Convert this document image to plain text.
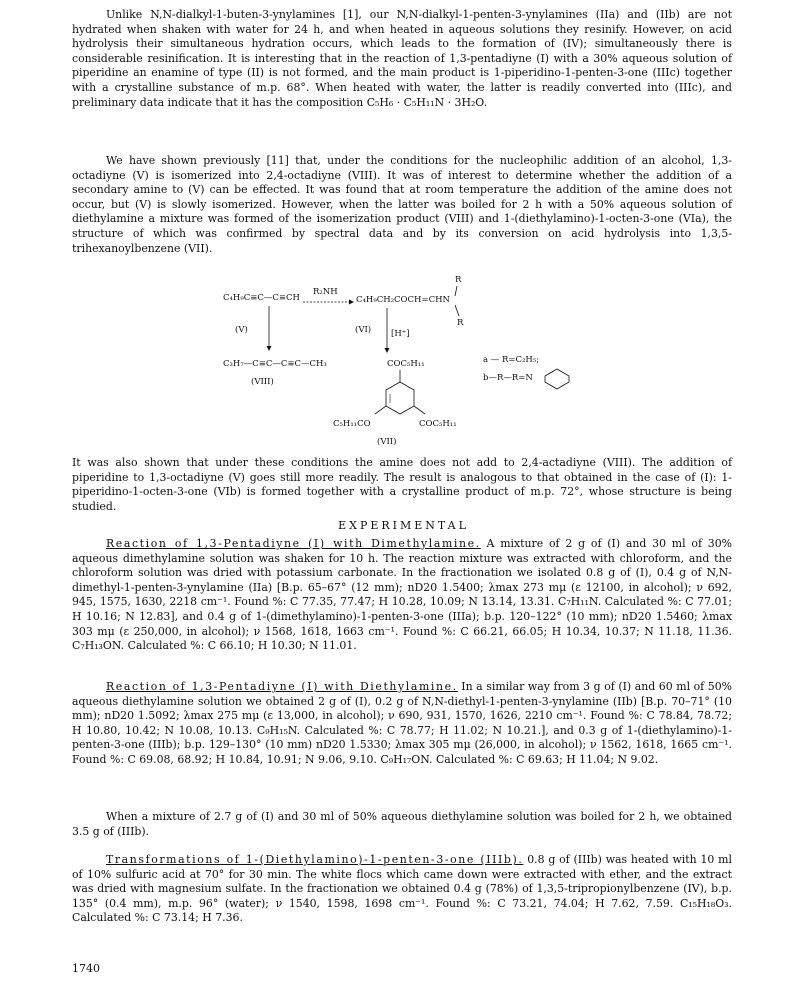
Unlike N,N-dialkyl-1-buten-3-ynylamines [1], our N,N-dialkyl-1-penten-3-ynylamines (IIa) and (IIb) are not hydrated when shaken with water for 24 h, and when heated in aqueous solutions they resinify. However, on acid hydrolysis their simultaneous hydration occurs, which leads to the formation of (IV); simultaneously there is considerable resinification. It is interesting that in the reaction of 1,3-pentadiyne (I) with a 30% aqueous solution of piperidine an enamine of type (II) is not formed, and the main product is 1-piperidino-1-penten-3-one (IIIc) together with a crystalline substance of m.p. 68°. When heated with water, the latter is readily converted into (IIIc), and preliminary data indicate that it has the composition C₅H₆ · C₅H₁₁N · 3H₂O.

We have shown previously [11] that, under the conditions for the nucleophilic addition of an alcohol, 1,3-octadiyne (V) is isomerized into 2,4-octadiyne (VIII). It was of interest to determine whether the addition of a secondary amine to (V) can be effected. It was found that at room temperature the addition of the amine does not occur, but (V) is slowly isomerized. However, when the latter was boiled for 2 h with a 50% aqueous solution of diethylamine a mixture was formed of the isomerization product (VIII) and 1-(diethylamino)-1-octen-3-one (VIa), the structure of which was confirmed by spectral data and by its conversion on acid hydrolysis into 1,3,5-trihexanoylbenzene (VII).

C₄H₉C≡C—C≡CH
R₂NH
C₄H₉CH₂COCH=CHN
R
R
(V)	(VI) [H⁺]
C₃H₇—C≡C—C≡C—CH₃
(VIII)
COC₅H₁₁
C₅H₁₁CO	COC₅H₁₁
(VII)
a — R=C₂H₅;
b—R—R=N

It was also shown that under these conditions the amine does not add to 2,4-actadiyne (VIII). The addition of piperidine to 1,3-octadiyne (V) goes still more readily. The result is analogous to that obtained in the case of (I): 1-piperidino-1-octen-3-one (VIb) is formed together with a crystalline product of m.p. 72°, whose structure is being studied.

EXPERIMENTAL

Reaction of 1,3-Pentadiyne (I) with Dimethylamine. A mixture of 2 g of (I) and 30 ml of 30% aqueous dimethylamine solution was shaken for 10 h. The reaction mixture was extracted with chloroform, and the chloroform solution was dried with potassium carbonate. In the fractionation we isolated 0.8 g of (I), 0.4 g of N,N-dimethyl-1-penten-3-ynylamine (IIa) [B.p. 65–67° (12 mm); nD20 1.5400; λmax 273 mμ (ε 12100, in alcohol); ν 692, 945, 1575, 1630, 2218 cm⁻¹. Found %: C 77.35, 77.47; H 10.28, 10.09; N 13.14, 13.31. C₇H₁₁N. Calculated %: C 77.01; H 10.16; N 12.83], and 0.4 g of 1-(dimethylamino)-1-penten-3-one (IIIa); b.p. 120–122° (10 mm); nD20 1.5460; λmax 303 mμ (ε 250,000, in alcohol); ν 1568, 1618, 1663 cm⁻¹. Found %: C 66.21, 66.05; H 10.34, 10.37; N 11.18, 11.36. C₇H₁₃ON. Calculated %: C 66.10; H 10.30; N 11.01.

Reaction of 1,3-Pentadiyne (I) with Diethylamine. In a similar way from 3 g of (I) and 60 ml of 50% aqueous diethylamine solution we obtained 2 g of (I), 0.2 g of N,N-diethyl-1-penten-3-ynylamine (IIb) [B.p. 70–71° (10 mm); nD20 1.5092; λmax 275 mμ (ε 13,000, in alcohol); ν 690, 931, 1570, 1626, 2210 cm⁻¹. Found %: C 78.84, 78.72; H 10.80, 10.42; N 10.08, 10.13. C₉H₁₅N. Calculated %: C 78.77; H 11.02; N 10.21.], and 0.3 g of 1-(diethylamino)-1-penten-3-one (IIIb); b.p. 129–130° (10 mm) nD20 1.5330; λmax 305 mμ (26,000, in alcohol); ν 1562, 1618, 1665 cm⁻¹. Found %: C 69.08, 68.92; H 10.84, 10.91; N 9.06, 9.10. C₉H₁₇ON. Calculated %: C 69.63; H 11.04; N 9.02.

When a mixture of 2.7 g of (I) and 30 ml of 50% aqueous diethylamine solution was boiled for 2 h, we obtained 3.5 g of (IIIb).

Transformations of 1-(Diethylamino)-1-penten-3-one (IIIb). 0.8 g of (IIIb) was heated with 10 ml of 10% sulfuric acid at 70° for 30 min. The white flocs which came down were extracted with ether, and the extract was dried with magnesium sulfate. In the fractionation we obtained 0.4 g (78%) of 1,3,5-tripropionylbenzene (IV), b.p. 135° (0.4 mm), m.p. 96° (water); ν 1540, 1598, 1698 cm⁻¹. Found %: C 73.21, 74.04; H 7.62, 7.59. C₁₅H₁₈O₃. Calculated %: C 73.14; H 7.36.

1740
